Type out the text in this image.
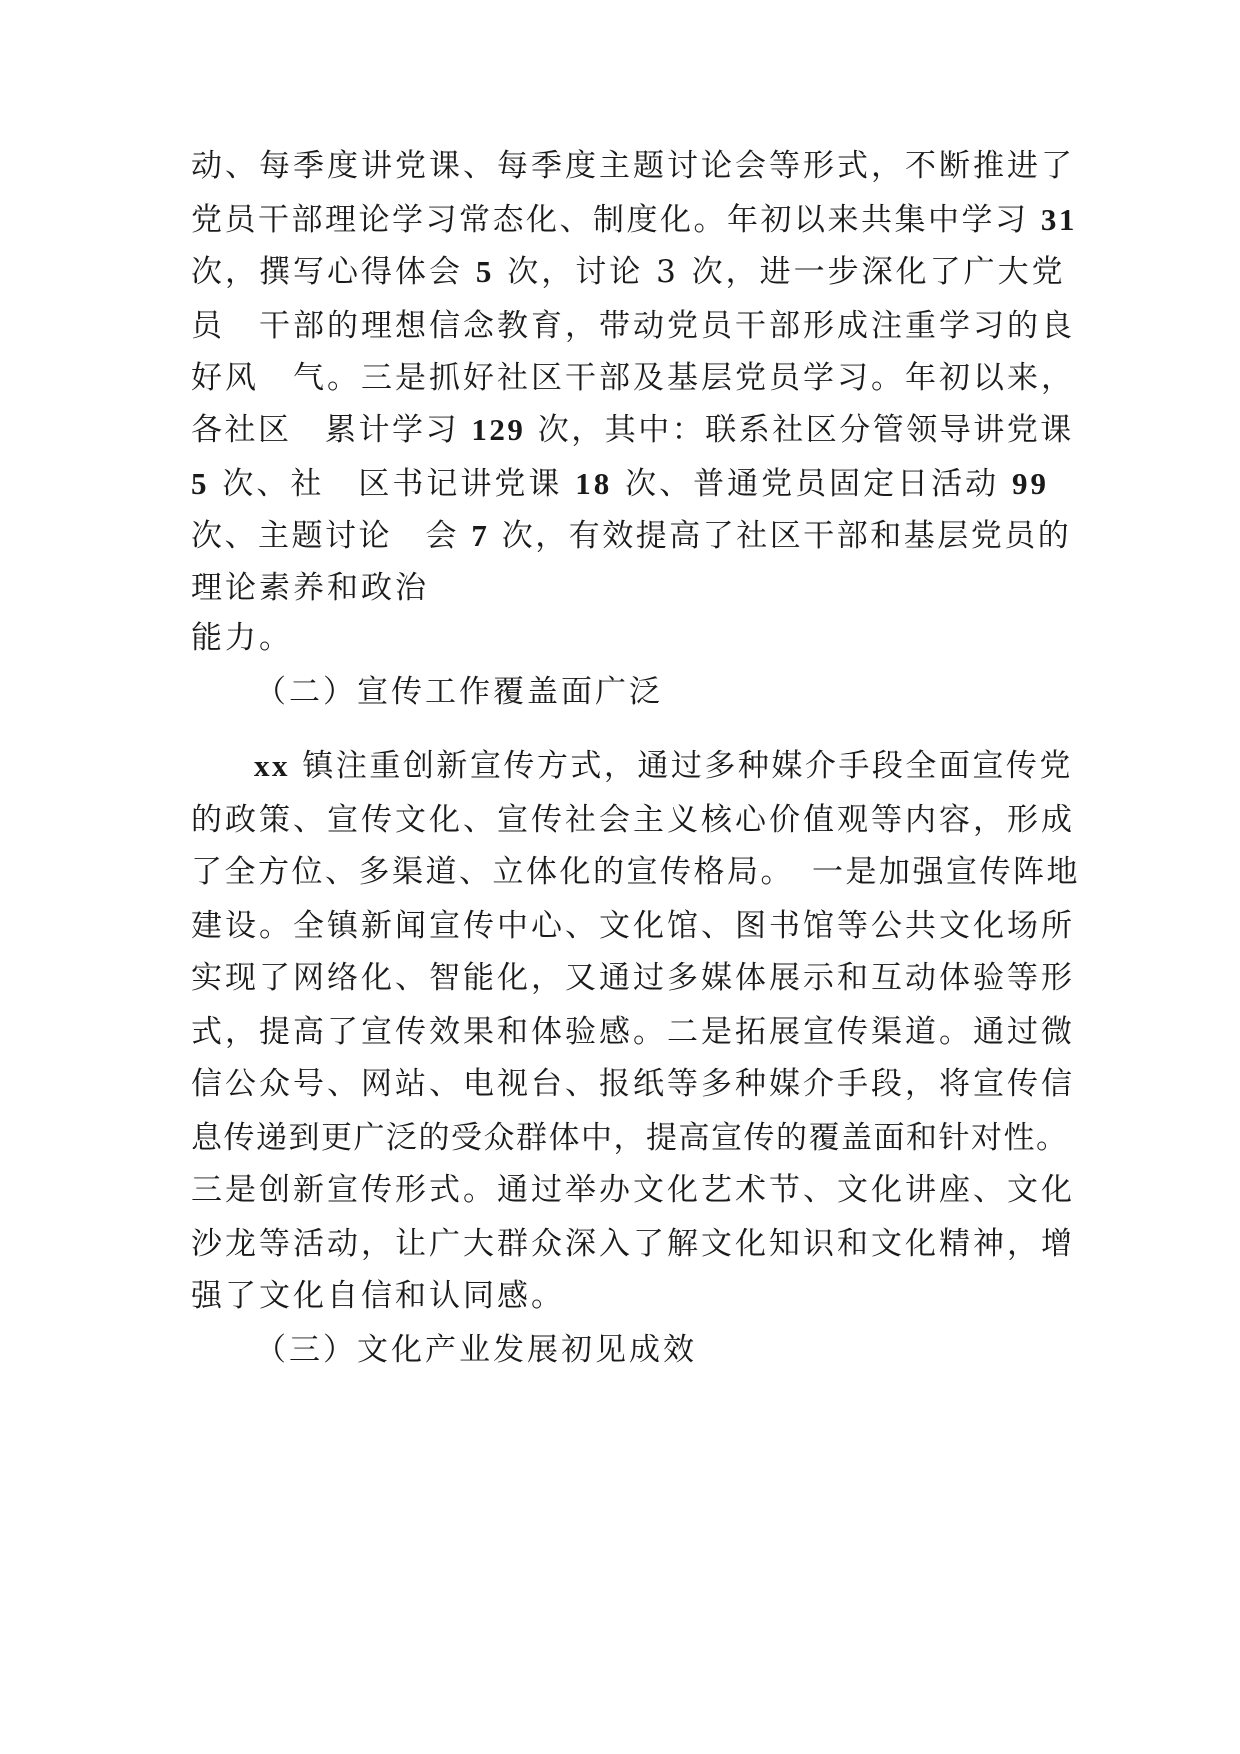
动、每季度讲党课、每季度主题讨论会等形式，不断推进了
党员干部理论学习常态化、制度化。年初以来共集中学习 31
次，撰写心得体会 5 次，讨论 3 次，进一步深化了广大党
员　干部的理想信念教育，带动党员干部形成注重学习的良
好风　气。三是抓好社区干部及基层党员学习。年初以来，
各社区　累计学习 129 次，其中：联系社区分管领导讲党课
5 次、社　区书记讲党课 18 次、普通党员固定日活动 99
次、主题讨论　会 7 次，有效提高了社区干部和基层党员的
理论素养和政治
能力。
（二）宣传工作覆盖面广泛
xx 镇注重创新宣传方式，通过多种媒介手段全面宣传党
的政策、宣传文化、宣传社会主义核心价值观等内容，形成
了全方位、多渠道、立体化的宣传格局。　一是加强宣传阵地
建设。全镇新闻宣传中心、文化馆、图书馆等公共文化场所
实现了网络化、智能化，又通过多媒体展示和互动体验等形
式，提高了宣传效果和体验感。二是拓展宣传渠道。通过微
信公众号、网站、电视台、报纸等多种媒介手段，将宣传信
息传递到更广泛的受众群体中，提高宣传的覆盖面和针对性。
三是创新宣传形式。通过举办文化艺术节、文化讲座、文化
沙龙等活动，让广大群众深入了解文化知识和文化精神，增
强了文化自信和认同感。
（三）文化产业发展初见成效
